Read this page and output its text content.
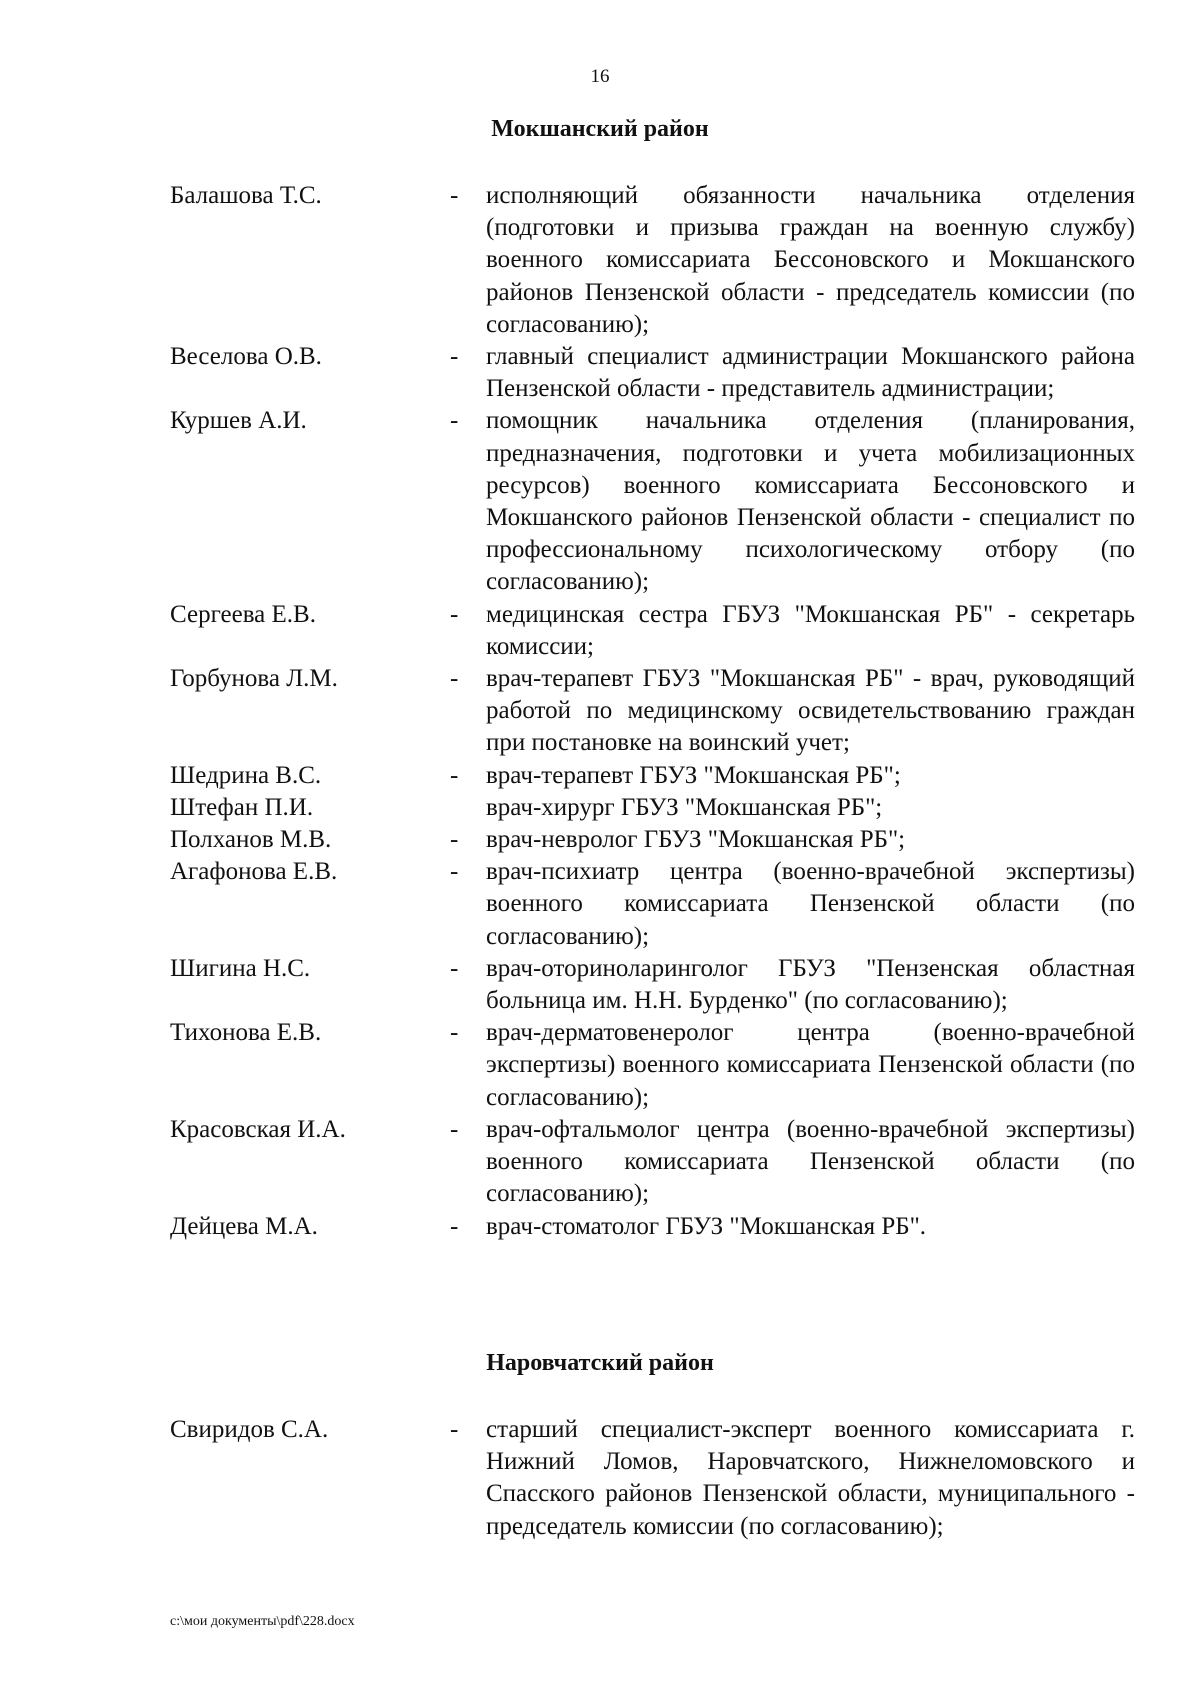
16
Мокшанский район
Балашова Т.С.	- исполняющий обязанности начальника отделения (подготовки и призыва граждан на военную службу) военного комиссариата Бессоновского и Мокшанского районов Пензенской области - председатель комиссии (по согласованию);
Веселова О.В.	- главный специалист администрации Мокшанского района Пензенской области - представитель администрации;
Куршев А.И.	- помощник начальника отделения (планирования, предназначения, подготовки и учета мобилизационных ресурсов) военного комиссариата Бессоновского и Мокшанского районов Пензенской области - специалист по профессиональному психологическому отбору (по согласованию);
Сергеева Е.В.	- медицинская сестра ГБУЗ "Мокшанская РБ" - секретарь комиссии;
Горбунова Л.М.	- врач-терапевт ГБУЗ "Мокшанская РБ" - врач, руководящий работой по медицинскому освидетельствованию граждан при постановке на воинский учет;
Шедрина В.С.	- врач-терапевт ГБУЗ "Мокшанская РБ";
Штефан П.И.	врач-хирург ГБУЗ "Мокшанская РБ";
Полханов М.В.	- врач-невролог ГБУЗ "Мокшанская РБ";
Агафонова Е.В.	- врач-психиатр центра (военно-врачебной экспертизы) военного комиссариата Пензенской области (по согласованию);
Шигина Н.С.	- врач-оториноларинголог ГБУЗ "Пензенская областная больница им. Н.Н. Бурденко" (по согласованию);
Тихонова Е.В.	- врач-дерматовенеролог центра (военно-врачебной экспертизы) военного комиссариата Пензенской области (по согласованию);
Красовская И.А.	- врач-офтальмолог центра (военно-врачебной экспертизы) военного комиссариата Пензенской области (по согласованию);
Дейцева М.А.	- врач-стоматолог ГБУЗ "Мокшанская РБ".
Наровчатский район
Свиридов С.А.	- старший специалист-эксперт военного комиссариата г. Нижний Ломов, Наровчатского, Нижнеломовского и Спасского районов Пензенской области, муниципального - председатель комиссии (по согласованию);
c:\мои документы\pdf\228.docx
